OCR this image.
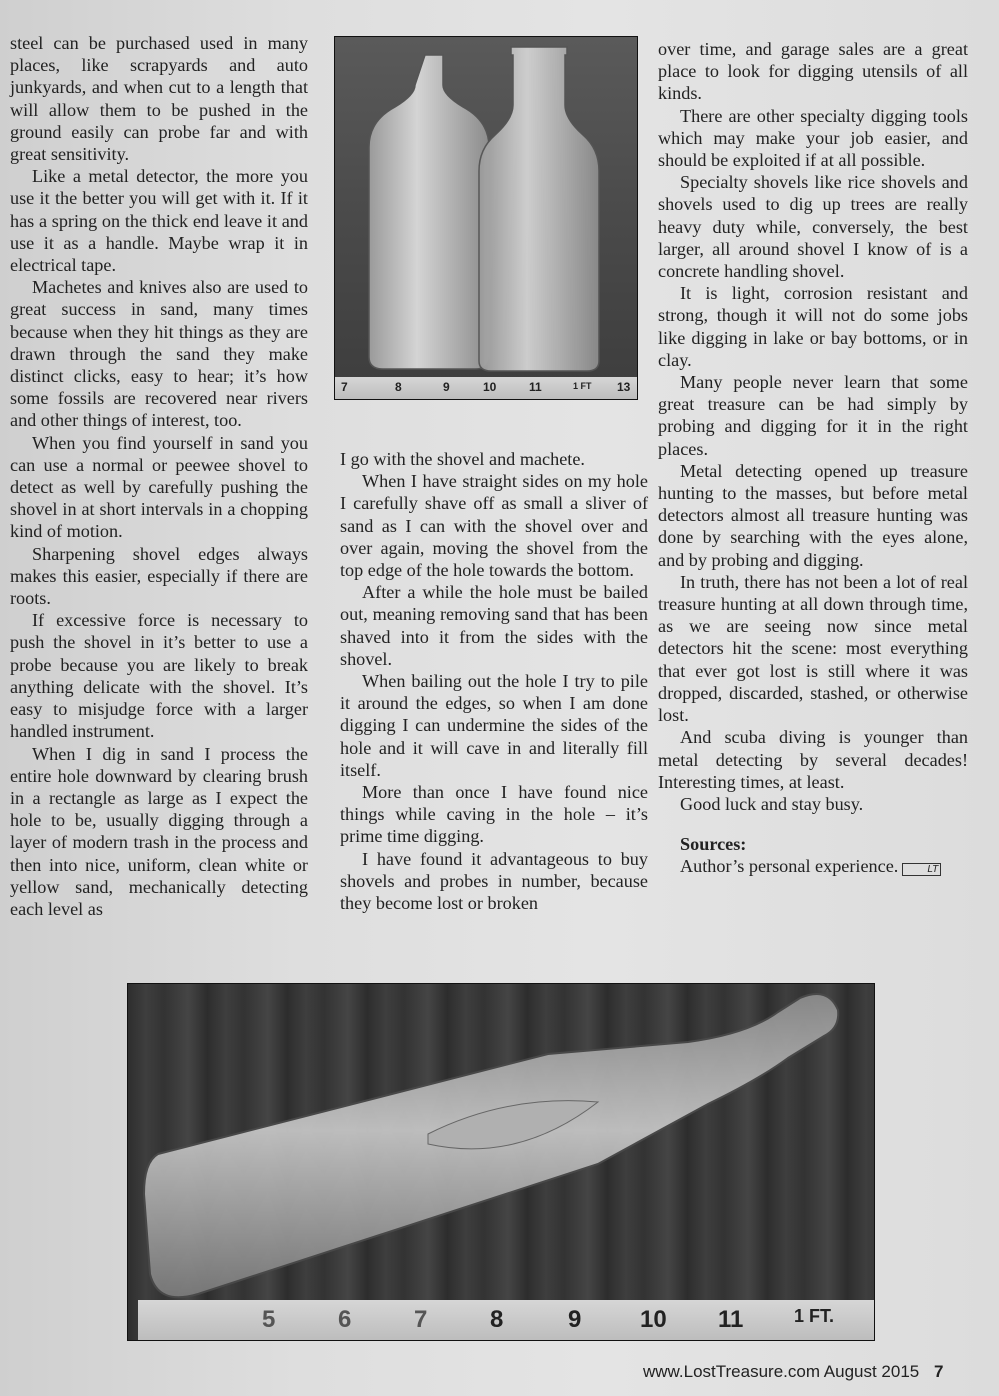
steel can be purchased used in many places, like scrapyards and auto junkyards, and when cut to a length that will allow them to be pushed in the ground easily can probe far and with great sensitivity.

Like a metal detector, the more you use it the better you will get with it. If it has a spring on the thick end leave it and use it as a handle. Maybe wrap it in electrical tape.

Machetes and knives also are used to great success in sand, many times because when they hit things as they are drawn through the sand they make distinct clicks, easy to hear; it’s how some fossils are recovered near rivers and other things of interest, too.

When you find yourself in sand you can use a normal or peewee shovel to detect as well by carefully pushing the shovel in at short intervals in a chopping kind of motion.

Sharpening shovel edges always makes this easier, especially if there are roots.

If excessive force is necessary to push the shovel in it’s better to use a probe because you are likely to break anything delicate with the shovel. It’s easy to misjudge force with a larger handled instrument.

When I dig in sand I process the entire hole downward by clearing brush in a rectangle as large as I expect the hole to be, usually digging through a layer of modern trash in the process and then into nice, uniform, clean white or yellow sand, mechanically detecting each level as

I go with the shovel and machete.

When I have straight sides on my hole I carefully shave off as small a sliver of sand as I can with the shovel over and over again, moving the shovel from the top edge of the hole towards the bottom.

After a while the hole must be bailed out, meaning removing sand that has been shaved into it from the sides with the shovel.

When bailing out the hole I try to pile it around the edges, so when I am done digging I can undermine the sides of the hole and it will cave in and literally fill itself.

More than once I have found nice things while caving in the hole – it’s prime time digging.

I have found it advantageous to buy shovels and probes in number, because they become lost or broken

over time, and garage sales are a great place to look for digging utensils of all kinds.

There are other specialty digging tools which may make your job easier, and should be exploited if at all possible.

Specialty shovels like rice shovels and shovels used to dig up trees are really heavy duty while, conversely, the best larger, all around shovel I know of is a concrete handling shovel.

It is light, corrosion resistant and strong, though it will not do some jobs like digging in lake or bay bottoms, or in clay.

Many people never learn that some great treasure can be had simply by probing and digging for it in the right places.

Metal detecting opened up treasure hunting to the masses, but before metal detectors almost all treasure hunting was done by searching with the eyes alone, and by probing and digging.

In truth, there has not been a lot of real treasure hunting at all down through time, as we are seeing now since metal detectors hit the scene: most everything that ever got lost is still where it was dropped, discarded, stashed, or otherwise lost.

And scuba diving is younger than metal detecting by several decades! Interesting times, at least.

Good luck and stay busy.

Sources:

Author’s personal experience.	LT

7	8	9	10	11	1 FT 13
5	6	7	8	9 10 11	1 FT.
www.LostTreasure.com August 2015 7
